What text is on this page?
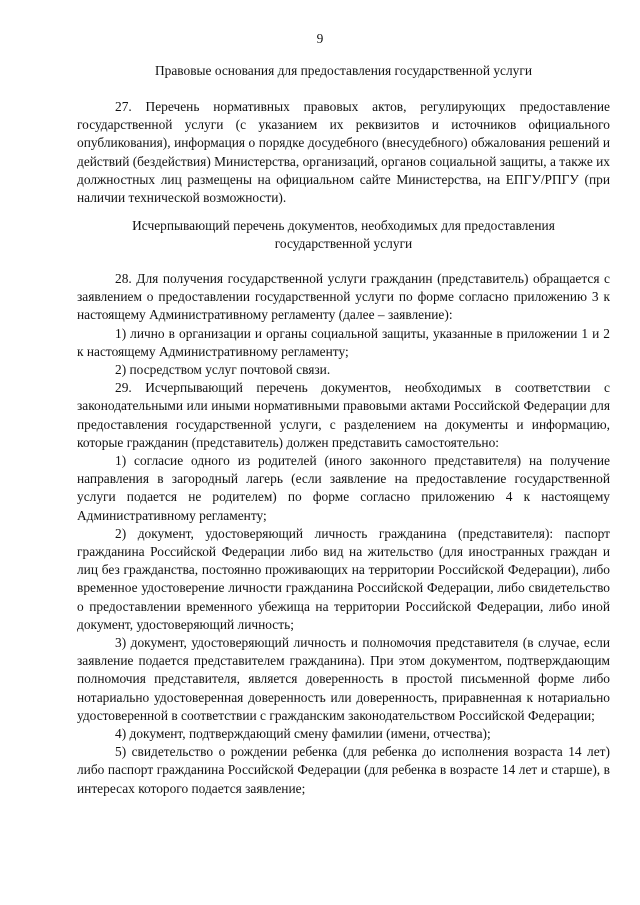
9

Правовые основания для предоставления государственной услуги

27. Перечень нормативных правовых актов, регулирующих предоставление государственной услуги (с указанием их реквизитов и источников официального опубликования), информация о порядке досудебного (внесудебного) обжалования решений и действий (бездействия) Министерства, организаций, органов социальной защиты, а также их должностных лиц размещены на официальном сайте Министерства, на ЕПГУ/РПГУ (при наличии технической возможности).

Исчерпывающий перечень документов, необходимых для предоставления государственной услуги

28. Для получения государственной услуги гражданин (представитель) обращается с заявлением о предоставлении государственной услуги по форме согласно приложению 3 к настоящему Административному регламенту (далее – заявление):

1) лично в организации и органы социальной защиты, указанные в приложении 1 и 2 к настоящему Административному регламенту;

2) посредством услуг почтовой связи.

29. Исчерпывающий перечень документов, необходимых в соответствии с законодательными или иными нормативными правовыми актами Российской Федерации для предоставления государственной услуги, с разделением на документы и информацию, которые гражданин (представитель) должен представить самостоятельно:

1) согласие одного из родителей (иного законного представителя) на получение направления в загородный лагерь (если заявление на предоставление государственной услуги подается не родителем) по форме согласно приложению 4 к настоящему Административному регламенту;

2) документ, удостоверяющий личность гражданина (представителя): паспорт гражданина Российской Федерации либо вид на жительство (для иностранных граждан и лиц без гражданства, постоянно проживающих на территории Российской Федерации), либо временное удостоверение личности гражданина Российской Федерации, либо свидетельство о предоставлении временного убежища на территории Российской Федерации, либо иной документ, удостоверяющий личность;

3) документ, удостоверяющий личность и полномочия представителя (в случае, если заявление подается представителем гражданина). При этом документом, подтверждающим полномочия представителя, является доверенность в простой письменной форме либо нотариально удостоверенная доверенность или доверенность, приравненная к нотариально удостоверенной в соответствии с гражданским законодательством Российской Федерации;

4) документ, подтверждающий смену фамилии (имени, отчества);

5) свидетельство о рождении ребенка (для ребенка до исполнения возраста 14 лет) либо паспорт гражданина Российской Федерации (для ребенка в возрасте 14 лет и старше), в интересах которого подается заявление;
